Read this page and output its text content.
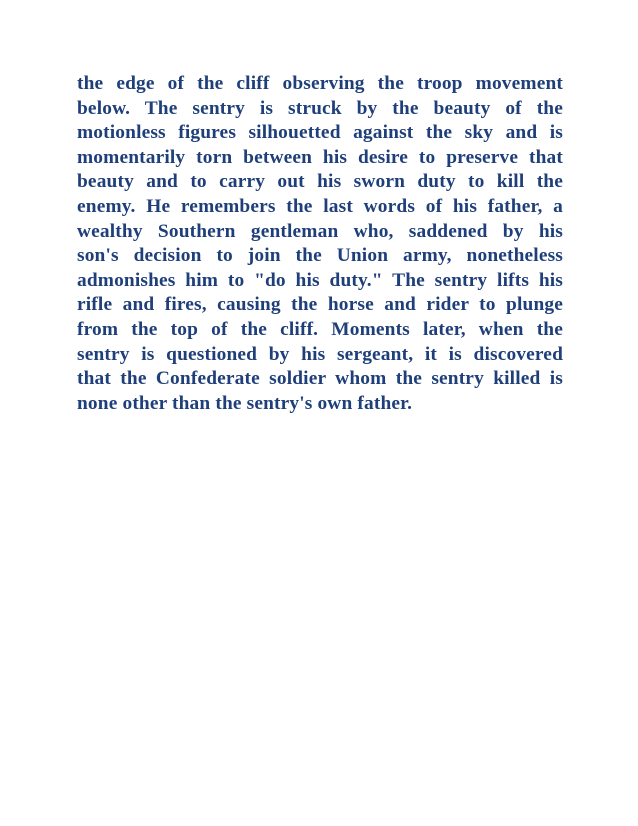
the edge of the cliff observing the troop movement
below. The sentry is struck by the beauty of the
motionless figures silhouetted against the sky and is
momentarily torn between his desire to preserve that
beauty and to carry out his sworn duty to kill the
enemy. He remembers the last words of his father, a
wealthy Southern gentleman who, saddened by his
son's decision to join the Union army, nonetheless
admonishes him to "do his duty." The sentry lifts his
rifle and fires, causing the horse and rider to plunge
from the top of the cliff. Moments later, when the
sentry is questioned by his sergeant, it is discovered
that the Confederate soldier whom the sentry killed is
none other than the sentry's own father.
